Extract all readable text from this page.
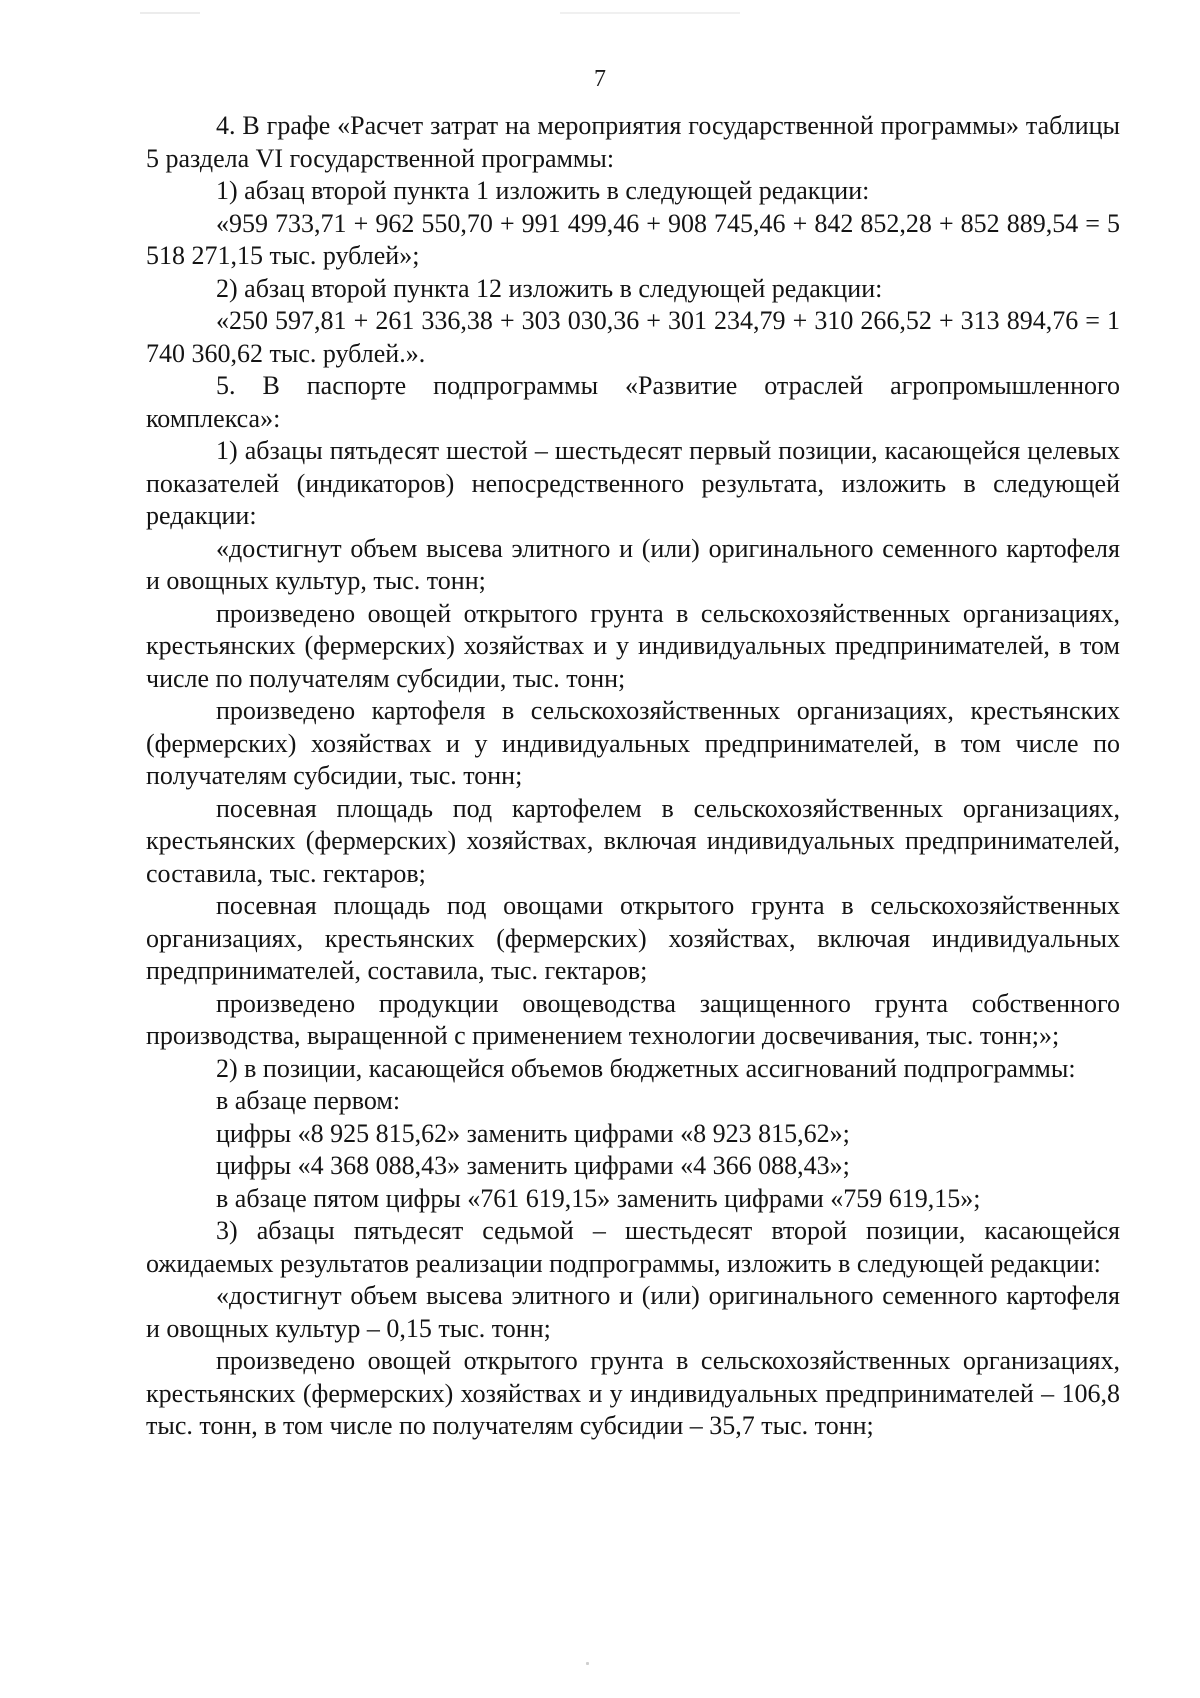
7

4. В графе «Расчет затрат на мероприятия государственной программы» таблицы 5 раздела VI государственной программы:

1) абзац второй пункта 1 изложить в следующей редакции:

«959 733,71 + 962 550,70 + 991 499,46 + 908 745,46 + 842 852,28 + 852 889,54 = 5 518 271,15 тыс. рублей»;

2) абзац второй пункта 12 изложить в следующей редакции:

«250 597,81 + 261 336,38 + 303 030,36 + 301 234,79 + 310 266,52 + 313 894,76 = 1 740 360,62 тыс. рублей.».

5. В паспорте подпрограммы «Развитие отраслей агропромышленного комплекса»:

1) абзацы пятьдесят шестой – шестьдесят первый позиции, касающейся целевых показателей (индикаторов) непосредственного результата, изложить в следующей редакции:

«достигнут объем высева элитного и (или) оригинального семенного картофеля и овощных культур, тыс. тонн;

произведено овощей открытого грунта в сельскохозяйственных организациях, крестьянских (фермерских) хозяйствах и у индивидуальных предпринимателей, в том числе по получателям субсидии, тыс. тонн;

произведено картофеля в сельскохозяйственных организациях, крестьянских (фермерских) хозяйствах и у индивидуальных предпринимателей, в том числе по получателям субсидии, тыс. тонн;

посевная площадь под картофелем в сельскохозяйственных организациях, крестьянских (фермерских) хозяйствах, включая индивидуальных предпринимателей, составила, тыс. гектаров;

посевная площадь под овощами открытого грунта в сельскохозяйственных организациях, крестьянских (фермерских) хозяйствах, включая индивидуальных предпринимателей, составила, тыс. гектаров;

произведено продукции овощеводства защищенного грунта собственного производства, выращенной с применением технологии досвечивания, тыс. тонн;»;

2) в позиции, касающейся объемов бюджетных ассигнований подпрограммы:

в абзаце первом:

цифры «8 925 815,62» заменить цифрами «8 923 815,62»;

цифры «4 368 088,43» заменить цифрами «4 366 088,43»;

в абзаце пятом цифры «761 619,15» заменить цифрами «759 619,15»;

3) абзацы пятьдесят седьмой – шестьдесят второй позиции, касающейся ожидаемых результатов реализации подпрограммы, изложить в следующей редакции:

«достигнут объем высева элитного и (или) оригинального семенного картофеля и овощных культур – 0,15 тыс. тонн;

произведено овощей открытого грунта в сельскохозяйственных организациях, крестьянских (фермерских) хозяйствах и у индивидуальных предпринимателей – 106,8 тыс. тонн, в том числе по получателям субсидии – 35,7 тыс. тонн;
